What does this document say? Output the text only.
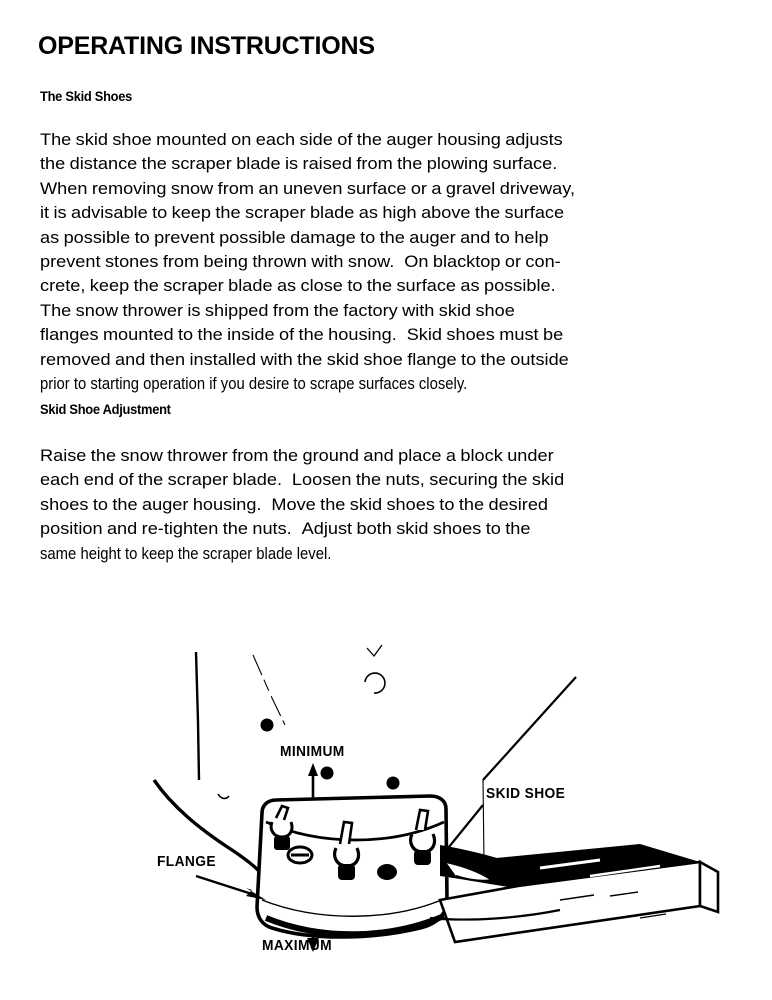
OPERATING INSTRUCTIONS
The Skid Shoes
The skid shoe mounted on each side of the auger housing adjusts
the distance the scraper blade is raised from the plowing surface.
When removing snow from an uneven surface or a gravel driveway,
it is advisable to keep the scraper blade as high above the surface
as possible to prevent possible damage to the auger and to help
prevent stones from being thrown with snow. On blacktop or con-
crete, keep the scraper blade as close to the surface as possible.
The snow thrower is shipped from the factory with skid shoe
flanges mounted to the inside of the housing. Skid shoes must be
removed and then installed with the skid shoe flange to the outside
prior to starting operation if you desire to scrape surfaces closely.
Skid Shoe Adjustment
Raise the snow thrower from the ground and place a block under
each end of the scraper blade. Loosen the nuts, securing the skid
shoes to the auger housing. Move the skid shoes to the desired
position and re-tighten the nuts. Adjust both skid shoes to the
same height to keep the scraper blade level.
MINIMUM
MAXIMUM
FLANGE
SKID SHOE
